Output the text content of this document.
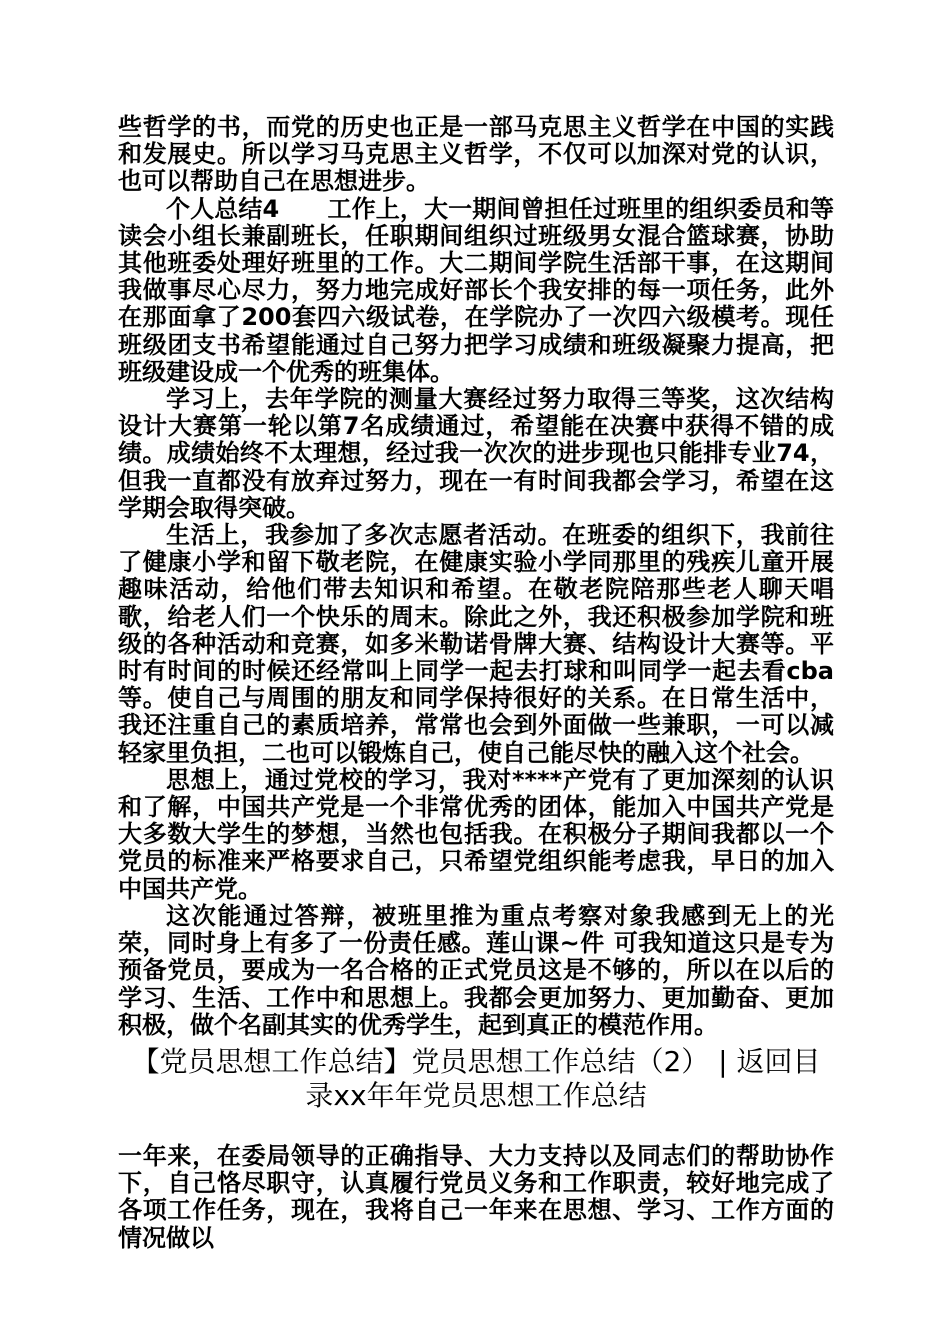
些哲学的书，而党的历史也正是一部马克思主义哲学在中国的实践和发展史。所以学习马克思主义哲学，不仅可以加深对党的认识，也可以帮助自己在思想进步。

个人总结4　　工作上，大一期间曾担任过班里的组织委员和等读会小组长兼副班长，任职期间组织过班级男女混合篮球赛，协助其他班委处理好班里的工作。大二期间学院生活部干事，在这期间我做事尽心尽力，努力地完成好部长个我安排的每一项任务，此外在那面拿了200套四六级试卷，在学院办了一次四六级模考。现任班级团支书希望能通过自己努力把学习成绩和班级凝聚力提高，把班级建设成一个优秀的班集体。

学习上，去年学院的测量大赛经过努力取得三等奖，这次结构设计大赛第一轮以第7名成绩通过，希望能在决赛中获得不错的成绩。成绩始终不太理想，经过我一次次的进步现也只能排专业74，但我一直都没有放弃过努力，现在一有时间我都会学习，希望在这学期会取得突破。

生活上，我参加了多次志愿者活动。在班委的组织下，我前往了健康小学和留下敬老院，在健康实验小学同那里的残疾儿童开展趣味活动，给他们带去知识和希望。在敬老院陪那些老人聊天唱歌，给老人们一个快乐的周末。除此之外，我还积极参加学院和班级的各种活动和竞赛，如多米勒诺骨牌大赛、结构设计大赛等。平时有时间的时候还经常叫上同学一起去打球和叫同学一起去看cba等。使自己与周围的朋友和同学保持很好的关系。在日常生活中，我还注重自己的素质培养，常常也会到外面做一些兼职，一可以减轻家里负担，二也可以锻炼自己，使自己能尽快的融入这个社会。

思想上，通过党校的学习，我对****产党有了更加深刻的认识和了解，中国共产党是一个非常优秀的团体，能加入中国共产党是大多数大学生的梦想，当然也包括我。在积极分子期间我都以一个党员的标准来严格要求自己，只希望党组织能考虑我，早日的加入中国共产党。

这次能通过答辩，被班里推为重点考察对象我感到无上的光荣，同时身上有多了一份责任感。莲山课~件 可我知道这只是专为预备党员，要成为一名合格的正式党员这是不够的，所以在以后的学习、生活、工作中和思想上。我都会更加努力、更加勤奋、更加积极，做个名副其实的优秀学生，起到真正的模范作用。

【党员思想工作总结】党员思想工作总结（2） | 返回目录xx年年党员思想工作总结

一年来，在委局领导的正确指导、大力支持以及同志们的帮助协作下，自己恪尽职守，认真履行党员义务和工作职责，较好地完成了各项工作任务，现在，我将自己一年来在思想、学习、工作方面的情况做以
